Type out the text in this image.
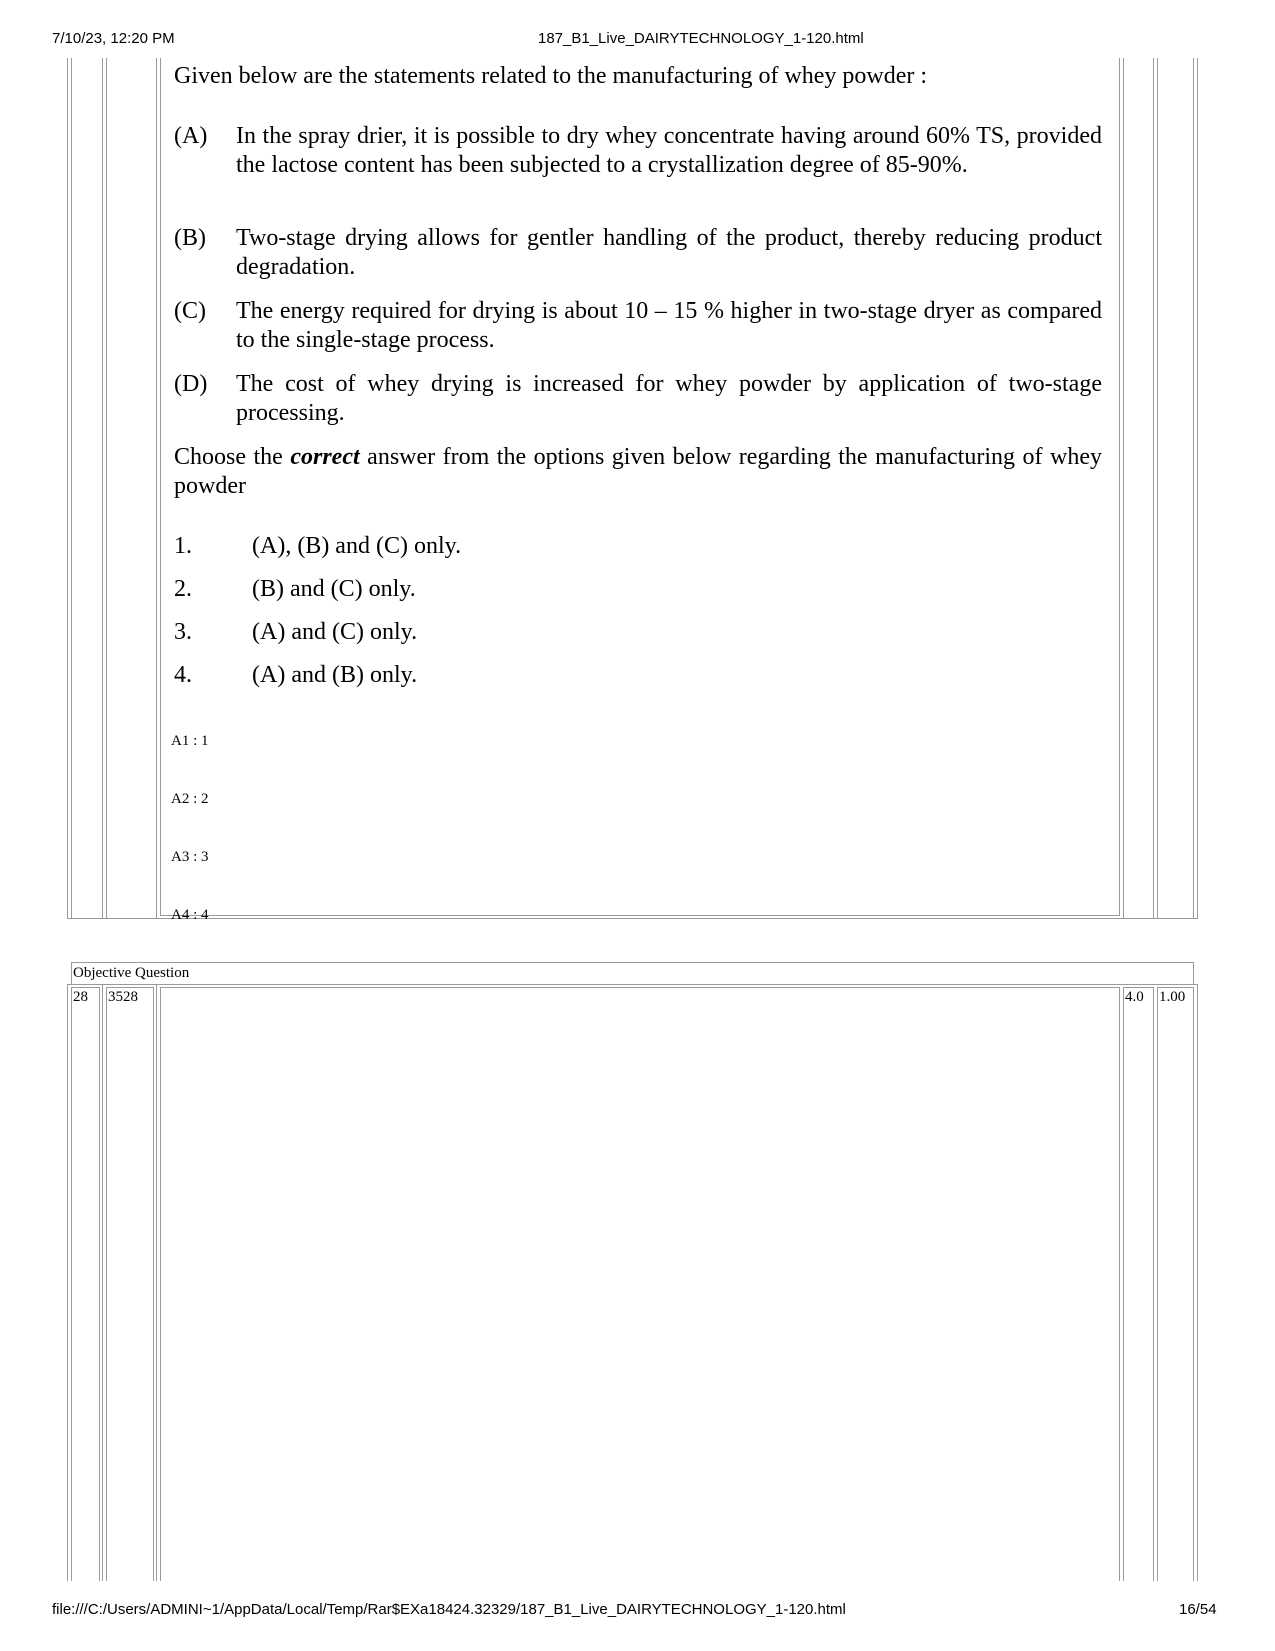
7/10/23, 12:20 PM	187_B1_Live_DAIRYTECHNOLOGY_1-120.html
Given below are the statements related to the manufacturing of whey powder :
(A) In the spray drier, it is possible to dry whey concentrate having around 60% TS, provided the lactose content has been subjected to a crystallization degree of 85-90%.
(B) Two-stage drying allows for gentler handling of the product, thereby reducing product degradation.
(C) The energy required for drying is about 10 – 15 % higher in two-stage dryer as compared to the single-stage process.
(D) The cost of whey drying is increased for whey powder by application of two-stage processing.
Choose the correct answer from the options given below regarding the manufacturing of whey powder
1.	(A), (B) and (C) only.
2.	(B) and (C) only.
3.	(A) and (C) only.
4.	(A) and (B) only.
A1 : 1
A2 : 2
A3 : 3
A4 : 4
Objective Question
28 3528	4.0 1.00
file:///C:/Users/ADMINI~1/AppData/Local/Temp/Rar$EXa18424.32329/187_B1_Live_DAIRYTECHNOLOGY_1-120.html	16/54
